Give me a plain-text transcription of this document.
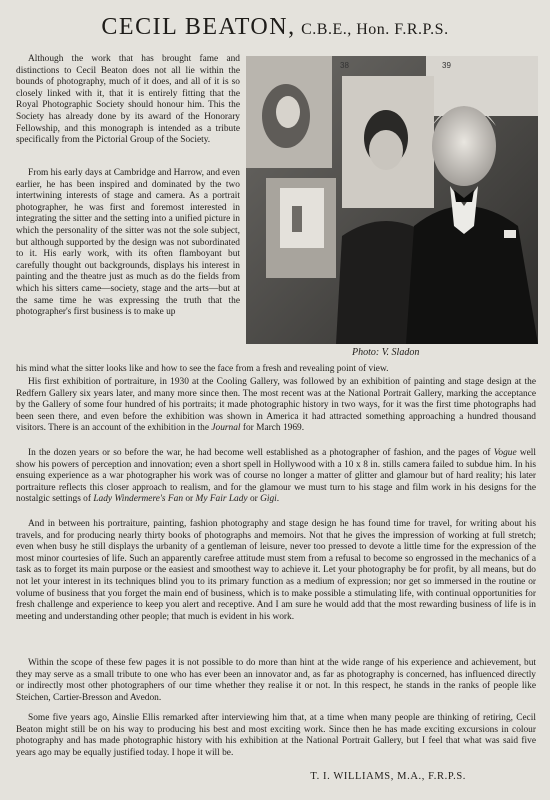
CECIL BEATON, C.B.E., Hon. F.R.P.S.

Although the work that has brought fame and distinctions to Cecil Beaton does not all lie within the bounds of photography, much of it does, and all of it is so closely linked with it, that it is entirely fitting that the Royal Photographic Society should honour him. This the Society has already done by its award of the Honorary Fellowship, and this monograph is intended as a tribute specifically from the Pictorial Group of the Society.

From his early days at Cambridge and Harrow, and even earlier, he has been inspired and dominated by the two intertwining interests of stage and camera. As a portrait photographer, he was first and foremost interested in integrating the sitter and the setting into a unified picture in which the personality of the sitter was not the sole subject, but although supported by the design was not subordinated to it. His early work, with its often flamboyant but carefully thought out backgrounds, displays his interest in painting and the theatre just as much as do the fields from which his sitters came—society, stage and the arts—but at the same time he was expressing the truth that the photographer's first business is to make up

38	39
Photo: V. Sladon

his mind what the sitter looks like and how to see the face from a fresh and revealing point of view.

His first exhibition of portraiture, in 1930 at the Cooling Gallery, was followed by an exhibition of painting and stage design at the Redfern Gallery six years later, and many more since then. The most recent was at the National Portrait Gallery, marking the acceptance by the Gallery of some four hundred of his portraits; it made photographic history in two ways, for it was the first time photographs had been seen there, and even before the exhibition was shown in America it had attracted something approaching a hundred thousand visitors. There is an account of the exhibition in the Journal for March 1969.

In the dozen years or so before the war, he had become well established as a photographer of fashion, and the pages of Vogue well show his powers of perception and innovation; even a short spell in Hollywood with a 10 x 8 in. stills camera failed to subdue him. In his ensuing experience as a war photographer his work was of course no longer a matter of glitter and glamour but of hard reality; his later portraiture reflects this closer approach to realism, and for the glamour we must turn to his stage and film work in his designs for the nostalgic settings of Lady Windermere's Fan or My Fair Lady or Gigi.

And in between his portraiture, painting, fashion photography and stage design he has found time for travel, for writing about his travels, and for producing nearly thirty books of photographs and memoirs. Not that he gives the impression of working at full stretch; even when busy he still displays the urbanity of a gentleman of leisure, never too pressed to devote a little time for the expression of the most minor courtesies of life. Such an apparently carefree attitude must stem from a refusal to become so engrossed in the mechanics of a task as to forget its main purpose or the easiest and smoothest way to achieve it. Let your photography be for profit, by all means, but do not let your interest in its techniques blind you to its primary function as a medium of expression; nor get so immersed in the routine or volume of business that you forget the main end of business, which is to make possible a stimulating life, with continual opportunities for fresh challenge and experience to keep you alert and receptive. And I am sure he would add that the most rewarding business of life is in meeting and understanding other people; that much is evident in his work.

Within the scope of these few pages it is not possible to do more than hint at the wide range of his experience and achievement, but they may serve as a small tribute to one who has ever been an innovator and, as far as photography is concerned, has influenced directly or indirectly most other photographers of our time whether they realise it or not. In this respect, he stands in the ranks of people like Steichen, Cartier-Bresson and Avedon.

Some five years ago, Ainslie Ellis remarked after interviewing him that, at a time when many people are thinking of retiring, Cecil Beaton might still be on his way to producing his best and most exciting work. Since then he has made exciting excursions in colour photography and has made photographic history with his exhibition at the National Portrait Gallery, but I feel that what was said five years ago may be equally justified today. I hope it will be.

T. I. WILLIAMS, M.A., F.R.P.S.
